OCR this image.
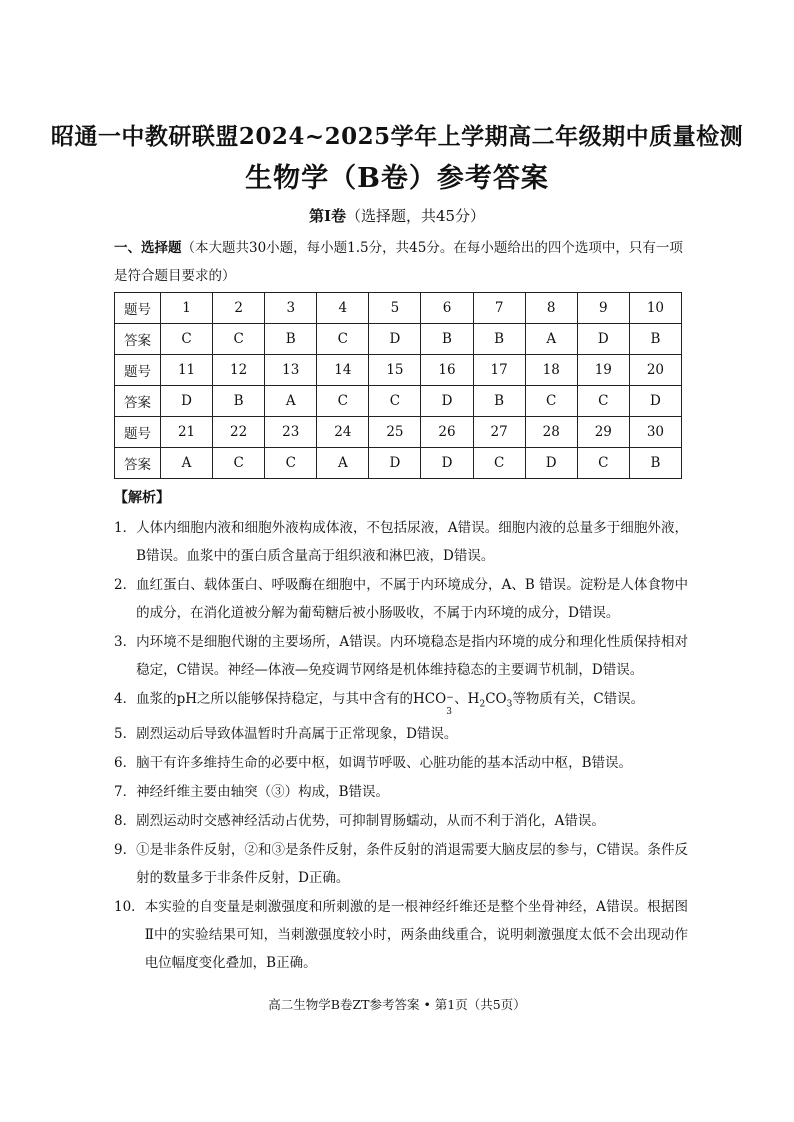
昭通一中教研联盟2024~2025学年上学期高二年级期中质量检测
生物学（B卷）参考答案
第Ⅰ卷（选择题，共45分）
一、选择题（本大题共30小题，每小题1.5分，共45分。在每小题给出的四个选项中，只有一项是符合题目要求的）
题号	1	2	3	4	5	6	7	8	9	10
答案	C	C	B	C	D	B	B	A	D	B
题号	11	12	13	14	15	16	17	18	19	20
答案	D	B	A	C	C	D	B	C	C	D
题号	21	22	23	24	25	26	27	28	29	30
答案	A	C	C	A	D	D	C	D	C	B
【解析】
1． 人体内细胞内液和细胞外液构成体液，不包括尿液，A错误。细胞内液的总量多于细胞外液，B错误。血浆中的蛋白质含量高于组织液和淋巴液，D错误。
2． 血红蛋白、载体蛋白、呼吸酶在细胞中，不属于内环境成分，A、B 错误。淀粉是人体食物中的成分，在消化道被分解为葡萄糖后被小肠吸收，不属于内环境的成分，D错误。
3． 内环境不是细胞代谢的主要场所，A错误。内环境稳态是指内环境的成分和理化性质保持相对稳定，C错误。神经—体液—免疫调节网络是机体维持稳态的主要调节机制，D错误。
4． 血浆的pH之所以能够保持稳定，与其中含有的HCO −
3
、$H_2CO_3$等物质有关，C错误。
5． 剧烈运动后导致体温暂时升高属于正常现象，D错误。
6． 脑干有许多维持生命的必要中枢，如调节呼吸、心脏功能的基本活动中枢，B错误。
7． 神经纤维主要由轴突（③）构成，B错误。
8． 剧烈运动时交感神经活动占优势，可抑制胃肠蠕动，从而不利于消化，A错误。
9． ①是非条件反射，②和③是条件反射，条件反射的消退需要大脑皮层的参与，C错误。条件反射的数量多于非条件反射，D正确。
10． 本实验的自变量是刺激强度和所刺激的是一根神经纤维还是整个坐骨神经，A错误。根据图Ⅱ中的实验结果可知，当刺激强度较小时，两条曲线重合，说明刺激强度太低不会出现动作电位幅度变化叠加，B正确。
高二生物学B卷ZT参考答案 • 第1页（共5页）
